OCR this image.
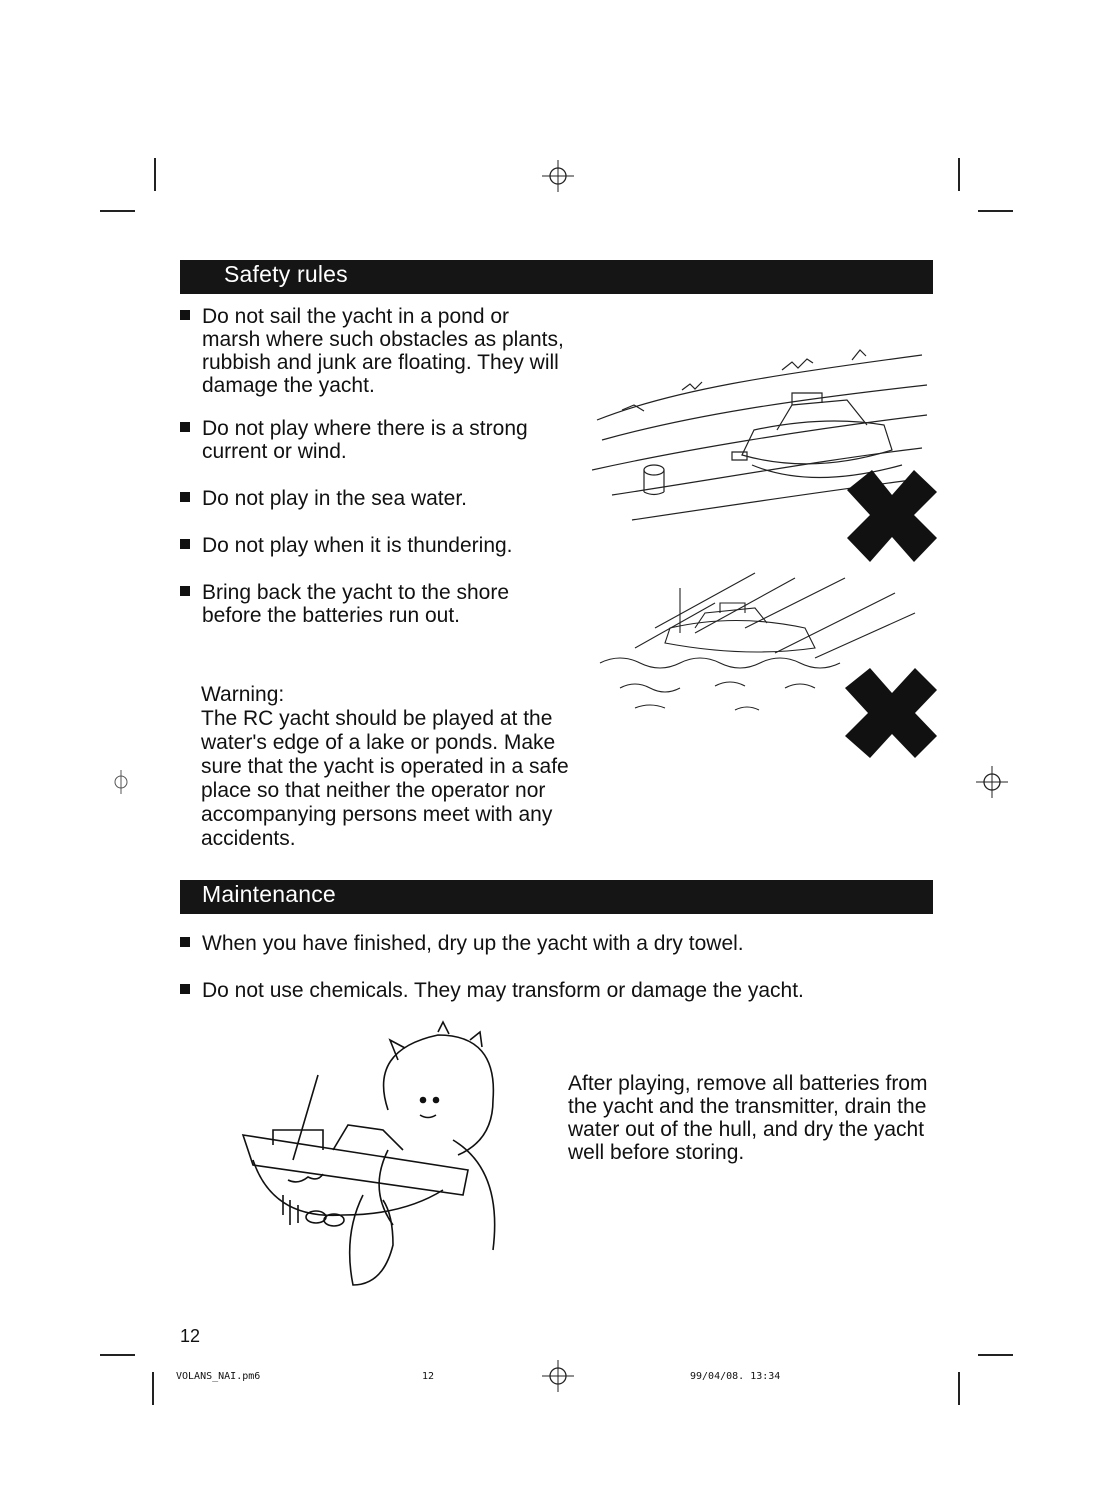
Safety rules
Do not sail the yacht in a pond or marsh where such obstacles as plants, rubbish and junk are floating. They will damage the yacht.
Do not play where there is a strong current or wind.
Do not play in the sea water.
Do not play when it is thundering.
Bring back the yacht to the shore before the batteries run out.
Warning:
The RC yacht should be played at the water's edge of a lake or ponds. Make sure that the yacht is operated in a safe place so that neither the operator nor accompanying persons meet with any accidents.
Maintenance
When you have finished, dry up the yacht with a dry towel.
Do not use chemicals. They may transform or damage the yacht.
After playing, remove all batteries from the yacht and the transmitter, drain the water out of the hull, and dry the yacht well before storing.
12
VOLANS_NAI.pm6	12	99/04/08. 13:34
